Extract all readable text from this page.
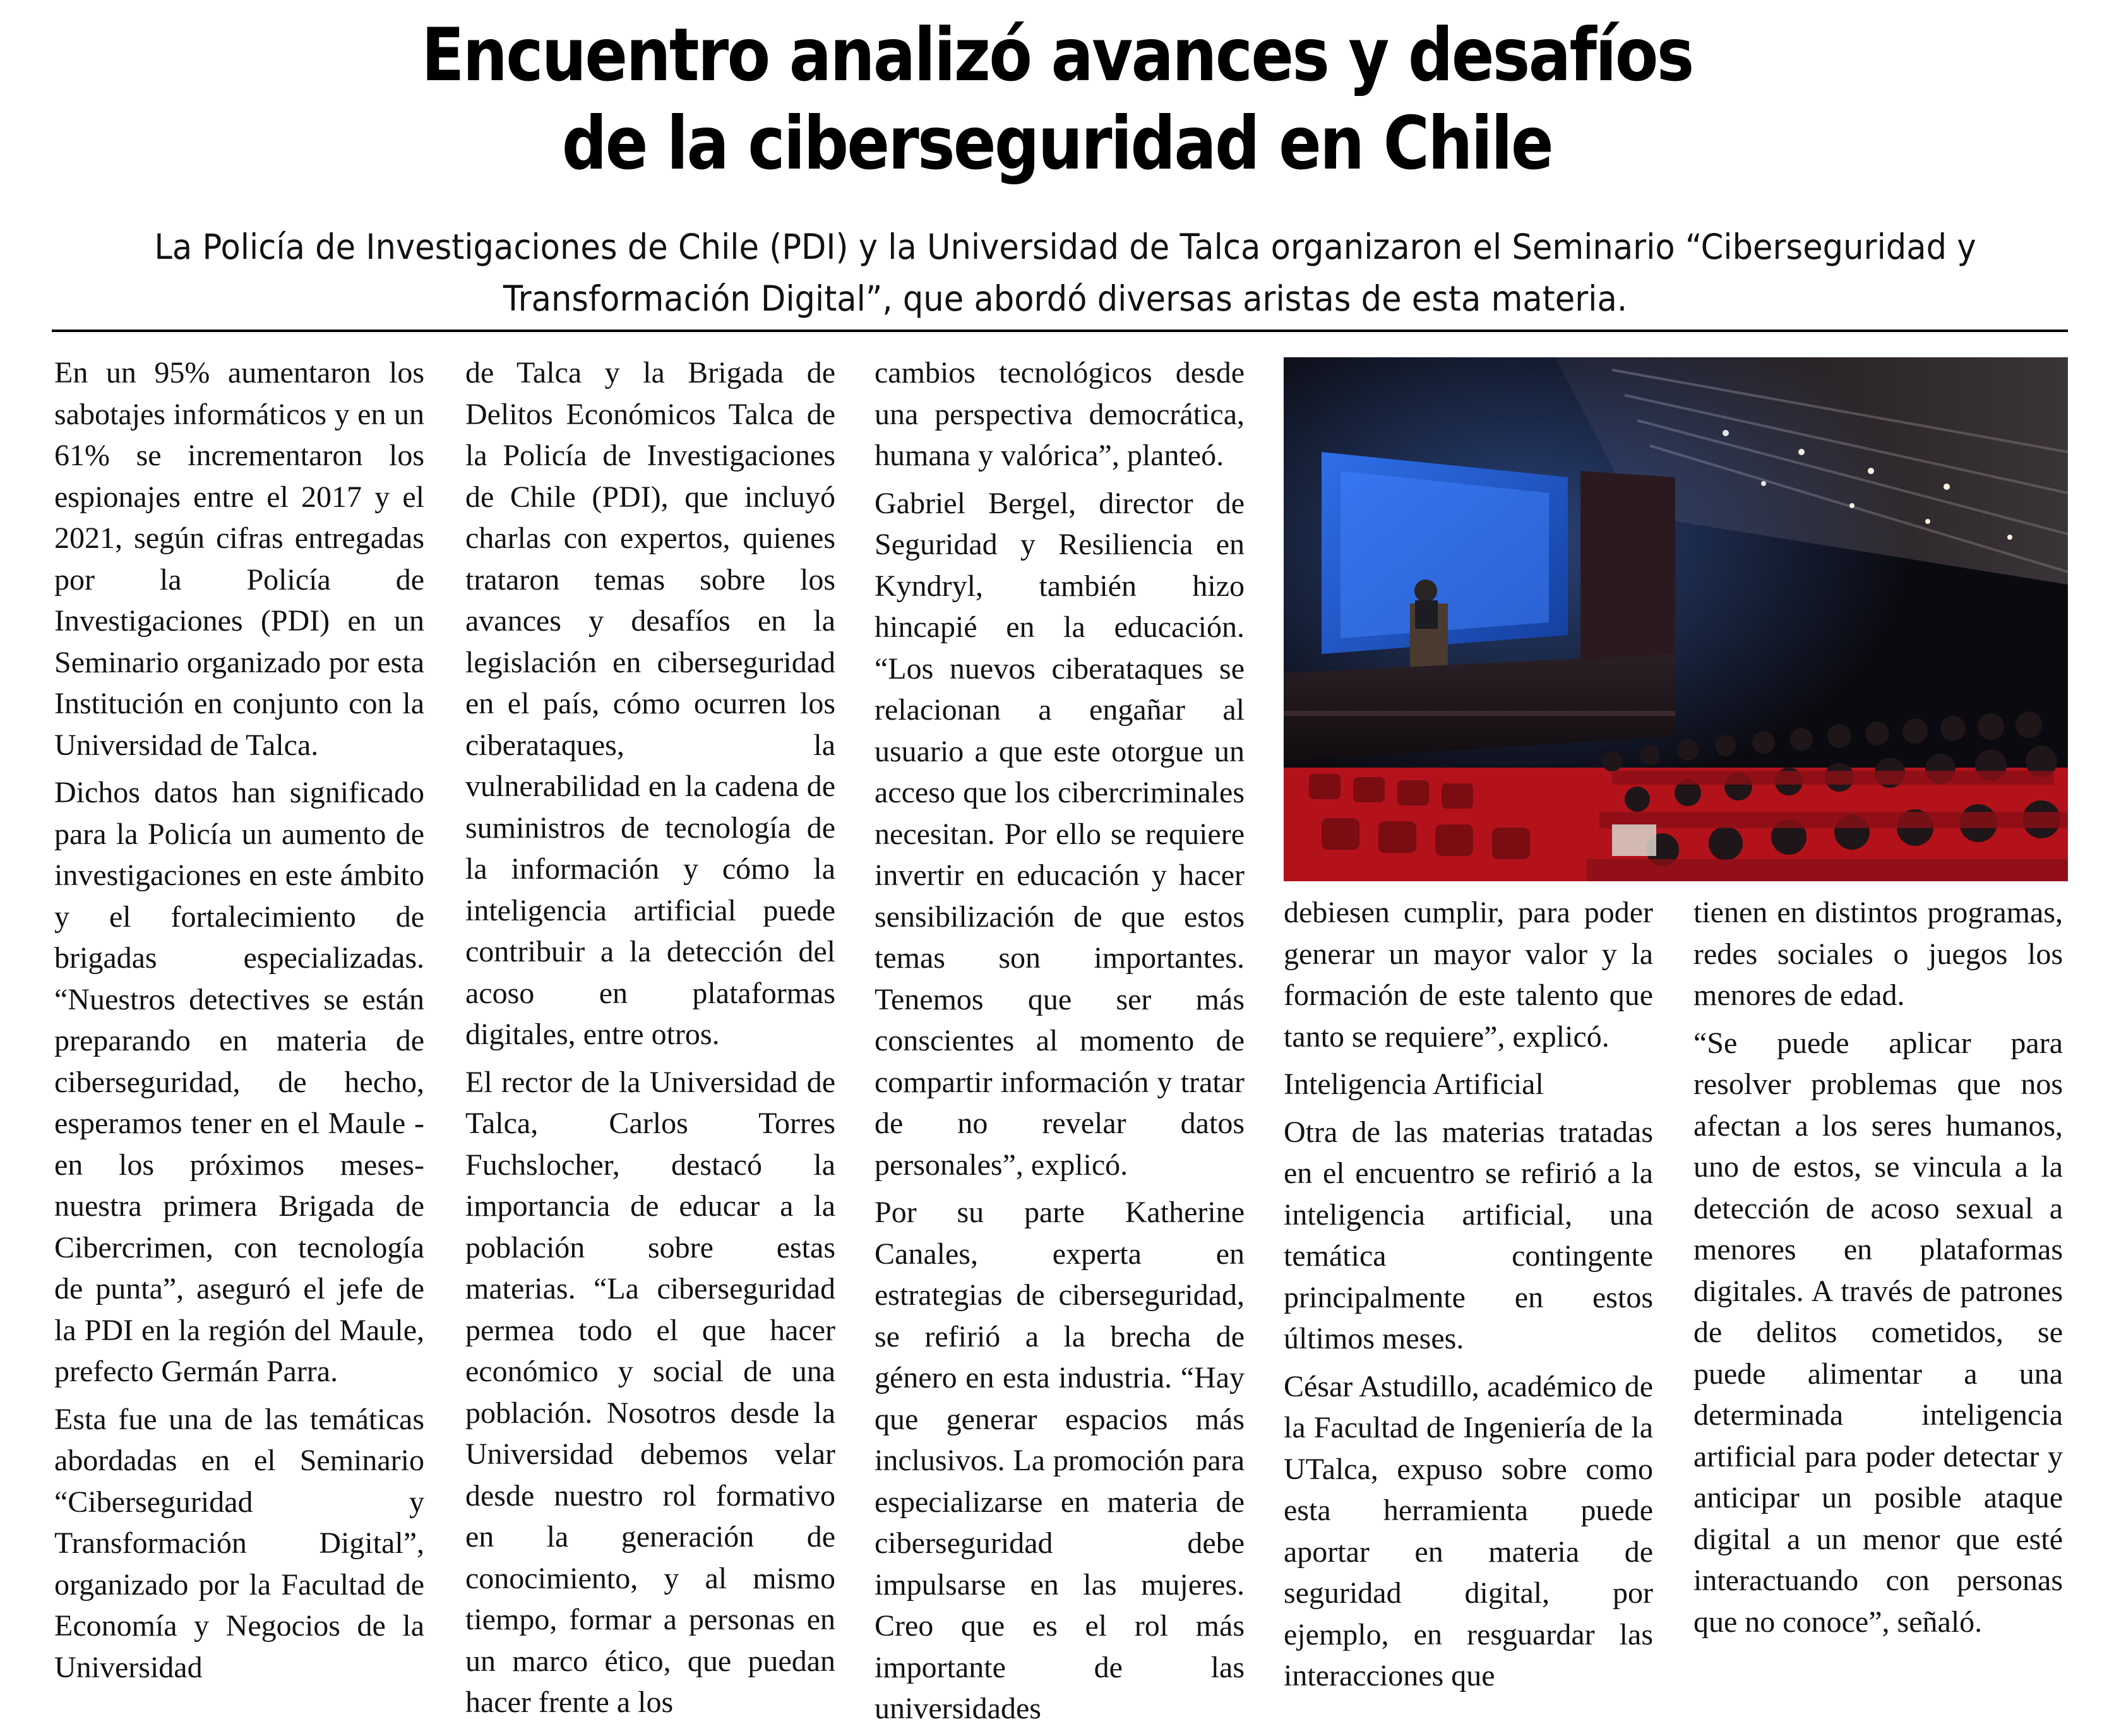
Encuentro analizó avances y desafíos
de la ciberseguridad en Chile

La Policía de Investigaciones de Chile (PDI) y la Universidad de Talca organizaron el Seminario “Ciberseguridad y Transformación Digital”, que abordó diversas aristas de esta materia.

En un 95% aumentaron los sabotajes informáticos y en un 61% se incrementaron los espionajes entre el 2017 y el 2021, según cifras entregadas por la Policía de Investigaciones (PDI) en un Seminario organizado por esta Institución en conjunto con la Universidad de Talca.

Dichos datos han significado para la Policía un aumento de investigaciones en este ámbito y el fortalecimiento de brigadas especializadas. “Nuestros detectives se están preparando en materia de ciberseguridad, de hecho, esperamos tener en el Maule -en los próximos meses- nuestra primera Brigada de Cibercrimen, con tecnología de punta”, aseguró el jefe de la PDI en la región del Maule, prefecto Germán Parra.

Esta fue una de las temáticas abordadas en el Seminario “Ciberseguridad y Transformación Digital”, organizado por la Facultad de Economía y Negocios de la Universidad

de Talca y la Brigada de Delitos Económicos Talca de la Policía de Investigaciones de Chile (PDI), que incluyó charlas con expertos, quienes trataron temas sobre los avances y desafíos en la legislación en ciberseguridad en el país, cómo ocurren los ciberataques, la vulnerabilidad en la cadena de suministros de tecnología de la información y cómo la inteligencia artificial puede contribuir a la detección del acoso en plataformas digitales, entre otros.

El rector de la Universidad de Talca, Carlos Torres Fuchslocher, destacó la importancia de educar a la población sobre estas materias. “La ciberseguridad permea todo el que hacer económico y social de una población. Nosotros desde la Universidad debemos velar desde nuestro rol formativo en la generación de conocimiento, y al mismo tiempo, formar a personas en un marco ético, que puedan hacer frente a los

cambios tecnológicos desde una perspectiva democrática, humana y valórica”, planteó.

Gabriel Bergel, director de Seguridad y Resiliencia en Kyndryl, también hizo hincapié en la educación. “Los nuevos ciberataques se relacionan a engañar al usuario a que este otorgue un acceso que los cibercriminales necesitan. Por ello se requiere invertir en educación y hacer sensibilización de que estos temas son importantes. Tenemos que ser más conscientes al momento de compartir información y tratar de no revelar datos personales”, explicó.

Por su parte Katherine Canales, experta en estrategias de ciberseguridad, se refirió a la brecha de género en esta industria. “Hay que generar espacios más inclusivos. La promoción para especializarse en materia de ciberseguridad debe impulsarse en las mujeres. Creo que es el rol más importante de las universidades

debiesen cumplir, para poder generar un mayor valor y la formación de este talento que tanto se requiere”, explicó.

Inteligencia Artificial

Otra de las materias tratadas en el encuentro se refirió a la inteligencia artificial, una temática contingente principalmente en estos últimos meses.

César Astudillo, académico de la Facultad de Ingeniería de la UTalca, expuso sobre como esta herramienta puede aportar en materia de seguridad digital, por ejemplo, en resguardar las interacciones que

tienen en distintos programas, redes sociales o juegos los menores de edad.

“Se puede aplicar para resolver problemas que nos afectan a los seres humanos, uno de estos, se vincula a la detección de acoso sexual a menores en plataformas digitales. A través de patrones de delitos cometidos, se puede alimentar a una determinada inteligencia artificial para poder detectar y anticipar un posible ataque digital a un menor que esté interactuando con personas que no conoce”, señaló.
